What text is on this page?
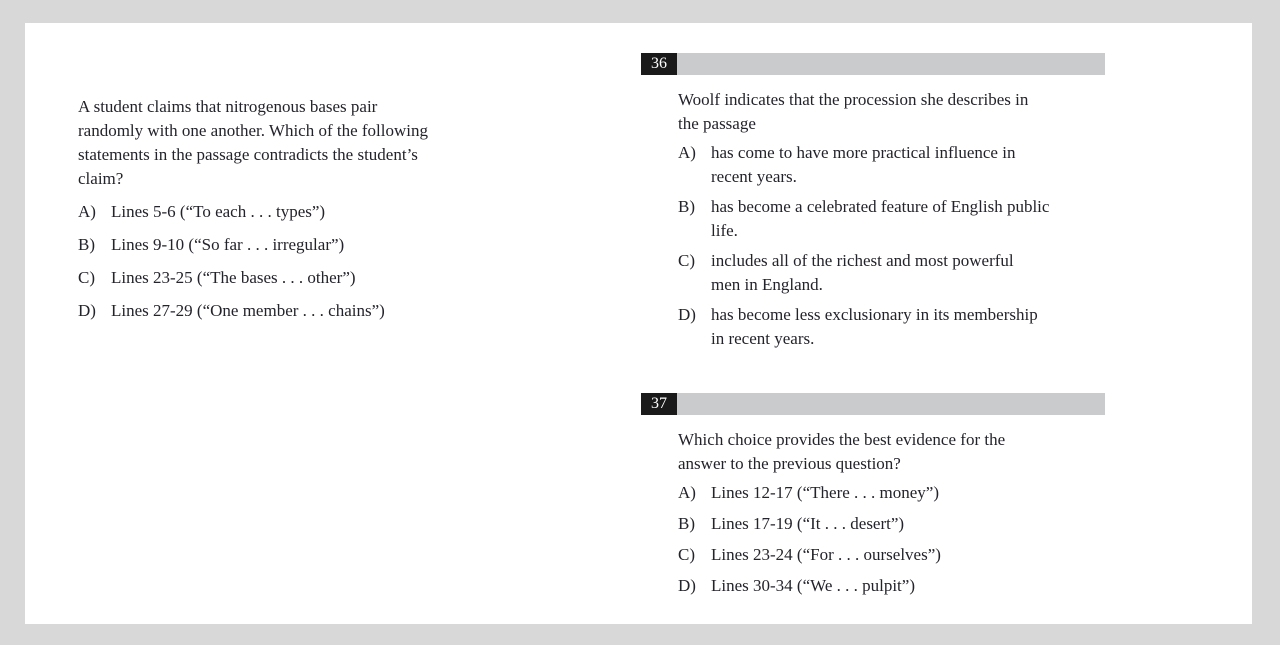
A student claims that nitrogenous bases pair
randomly with one another. Which of the following
statements in the passage contradicts the student’s
claim?

A) Lines 5-6 (“To each . . . types”)
B) Lines 9-10 (“So far . . . irregular”)
C) Lines 23-25 (“The bases . . . other”)
D) Lines 27-29 (“One member . . . chains”)
36

Woolf indicates that the procession she describes in
the passage

A) has come to have more practical influence in
recent years.
B) has become a celebrated feature of English public
life.
C) includes all of the richest and most powerful
men in England.
D) has become less exclusionary in its membership
in recent years.
37

Which choice provides the best evidence for the
answer to the previous question?

A) Lines 12-17 (“There . . . money”)
B) Lines 17-19 (“It . . . desert”)
C) Lines 23-24 (“For . . . ourselves”)
D) Lines 30-34 (“We . . . pulpit”)
